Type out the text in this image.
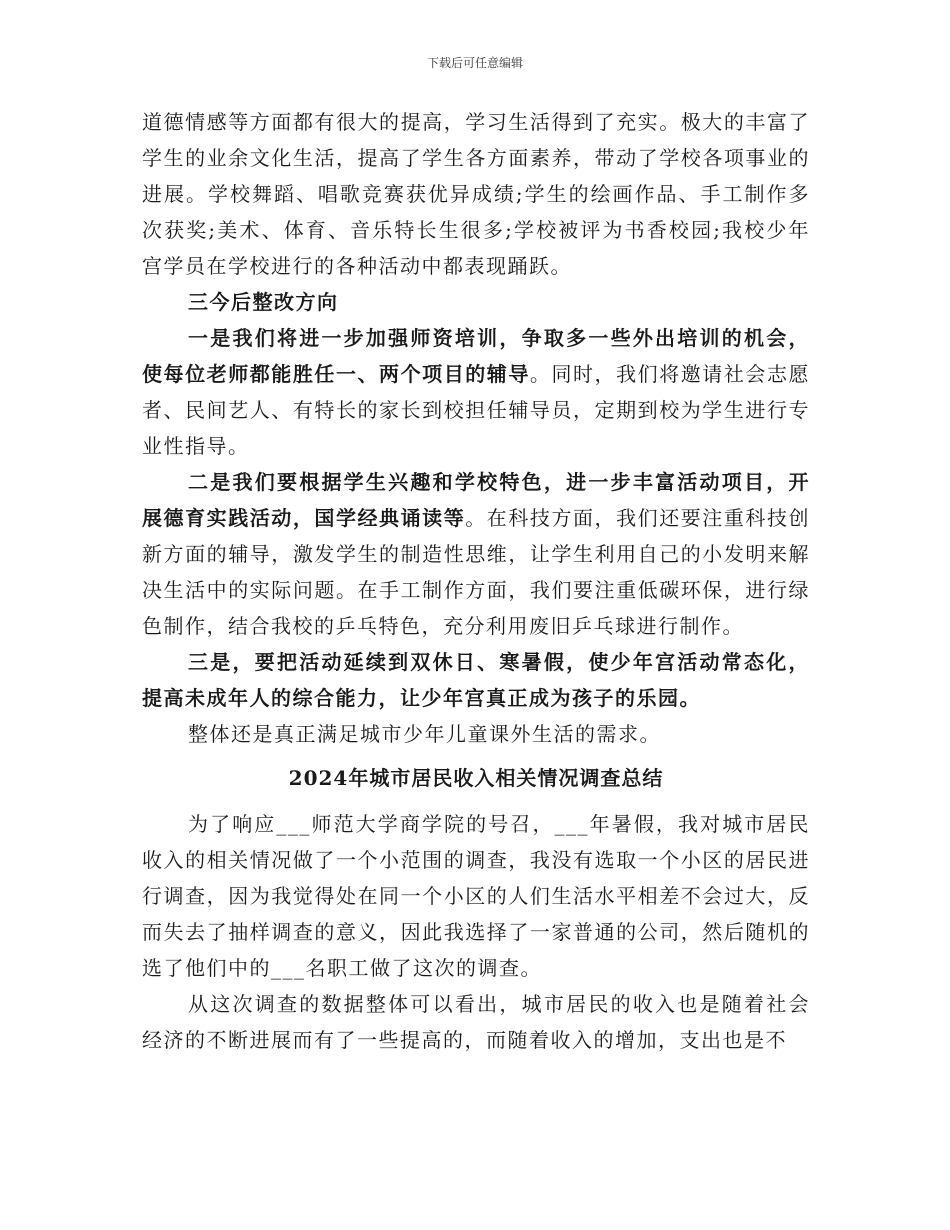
下载后可任意编辑

道德情感等方面都有很大的提高，学习生活得到了充实。极大的丰富了学生的业余文化生活，提高了学生各方面素养，带动了学校各项事业的进展。学校舞蹈、唱歌竞赛获优异成绩;学生的绘画作品、手工制作多次获奖;美术、体育、音乐特长生很多;学校被评为书香校园;我校少年宫学员在学校进行的各种活动中都表现踊跃。

三今后整改方向

一是我们将进一步加强师资培训，争取多一些外出培训的机会，使每位老师都能胜任一、两个项目的辅导。同时，我们将邀请社会志愿者、民间艺人、有特长的家长到校担任辅导员，定期到校为学生进行专业性指导。

二是我们要根据学生兴趣和学校特色，进一步丰富活动项目，开展德育实践活动，国学经典诵读等。在科技方面，我们还要注重科技创新方面的辅导，激发学生的制造性思维，让学生利用自己的小发明来解决生活中的实际问题。在手工制作方面，我们要注重低碳环保，进行绿色制作，结合我校的乒乓特色，充分利用废旧乒乓球进行制作。

三是，要把活动延续到双休日、寒暑假，使少年宫活动常态化，提高未成年人的综合能力，让少年宫真正成为孩子的乐园。

整体还是真正满足城市少年儿童课外生活的需求。

2024年城市居民收入相关情况调查总结

为了响应___师范大学商学院的号召，___年暑假，我对城市居民收入的相关情况做了一个小范围的调查，我没有选取一个小区的居民进行调查，因为我觉得处在同一个小区的人们生活水平相差不会过大，反而失去了抽样调查的意义，因此我选择了一家普通的公司，然后随机的选了他们中的___名职工做了这次的调查。

从这次调查的数据整体可以看出，城市居民的收入也是随着社会经济的不断进展而有了一些提高的，而随着收入的增加，支出也是不
